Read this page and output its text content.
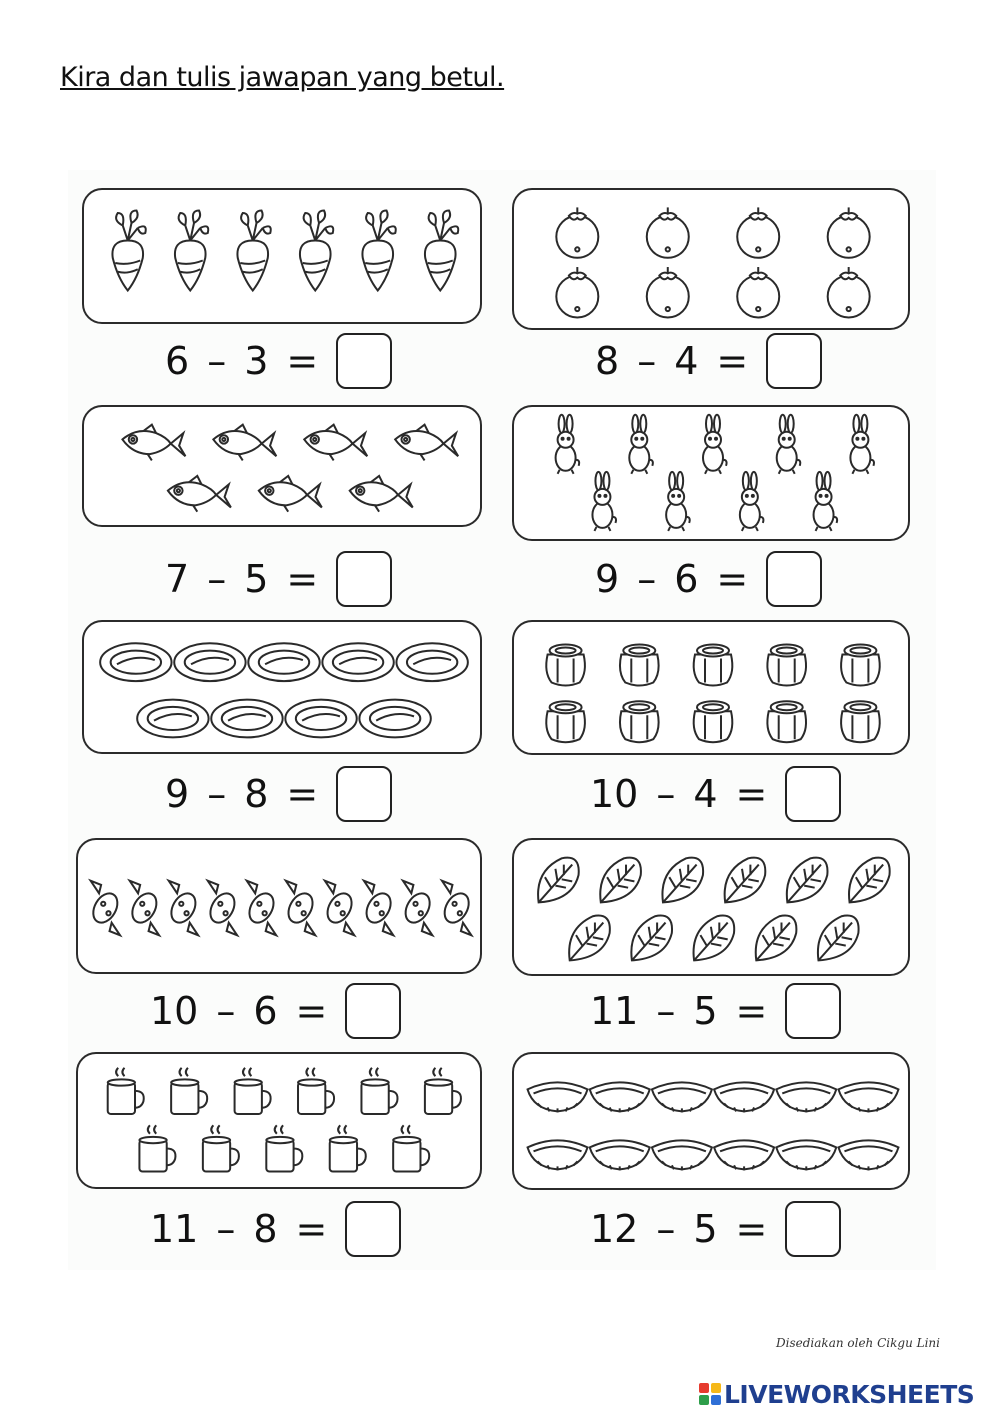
Kira dan tulis jawapan yang betul.
6 – 3 =	8 – 4 =
7 – 5 =	9 – 6 =
9 – 8 =	10 – 4 =
10 – 6 =	11 – 5 =
11 – 8 =	12 – 5 =
Disediakan oleh Cikgu Lini
LIVEWORKSHEETS
